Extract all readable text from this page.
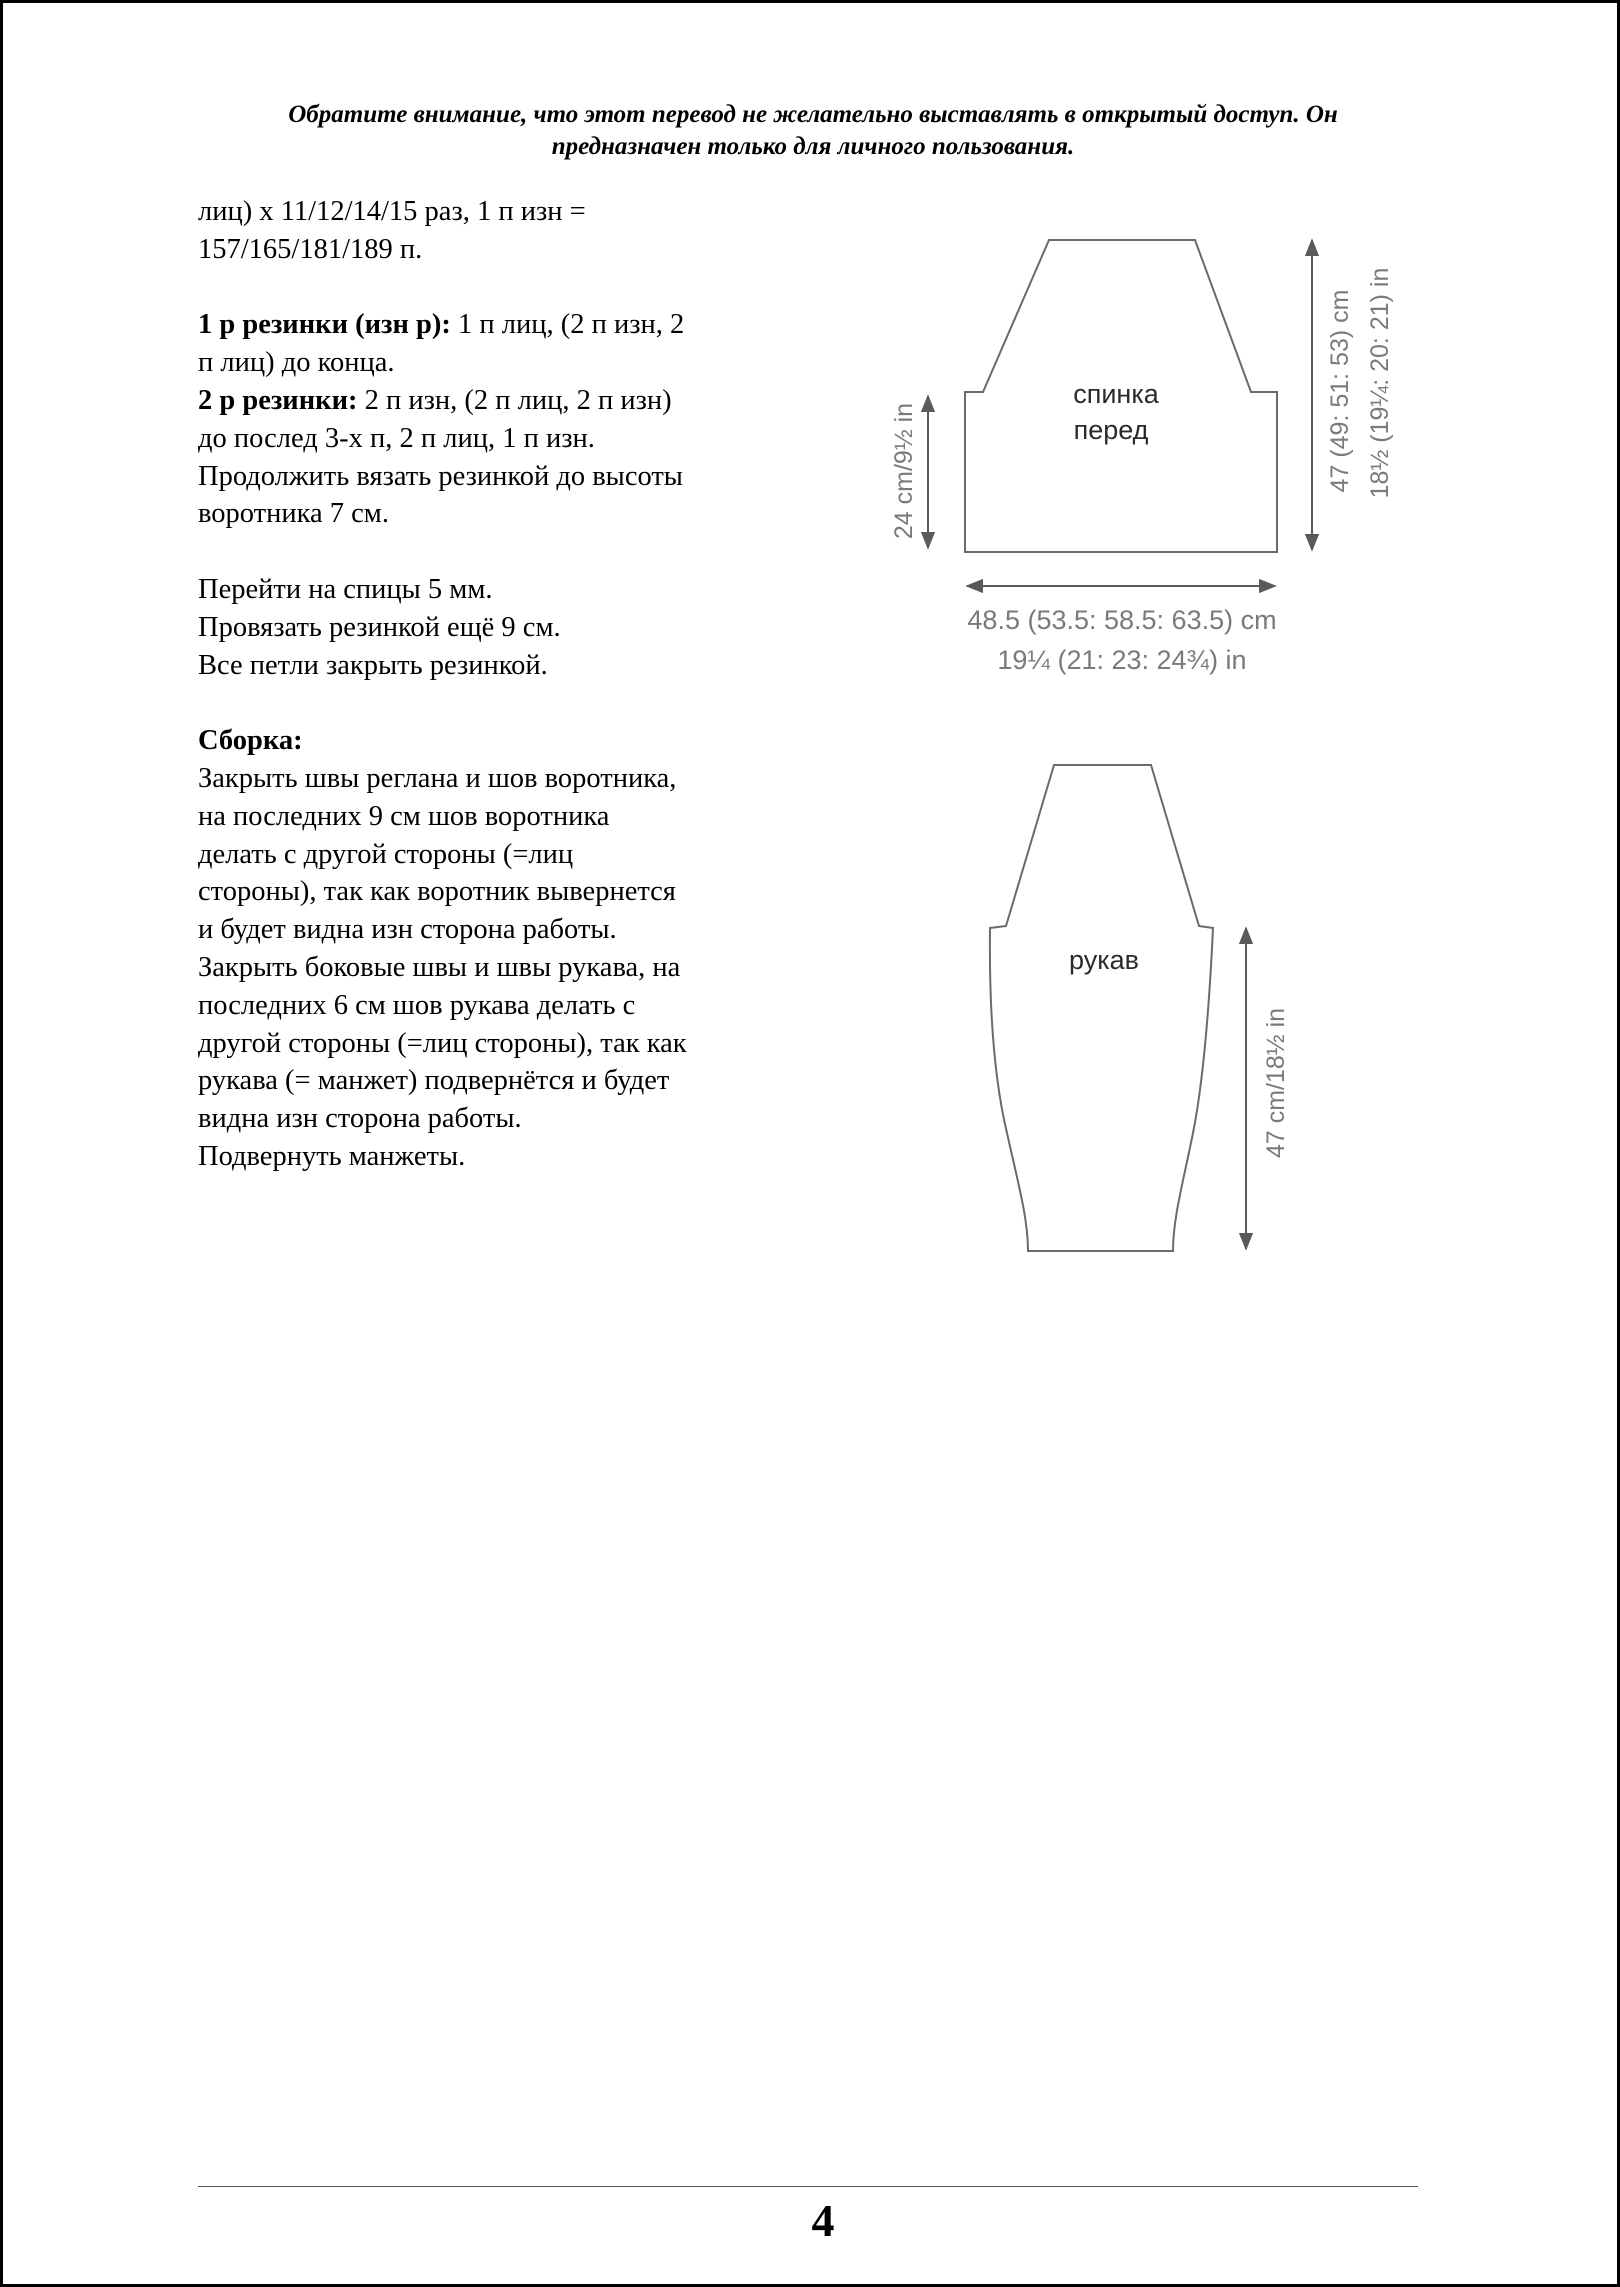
Обратите внимание, что этот перевод не желательно выставлять в открытый доступ. Он
предназначен только для личного пользования.

лиц) х 11/12/14/15 раз, 1 п изн =
157/165/181/189 п.

1 р резинки (изн р): 1 п лиц, (2 п изн, 2
п лиц) до конца.
2 р резинки: 2 п изн, (2 п лиц, 2 п изн)
до послед 3-х п, 2 п лиц, 1 п изн.
Продолжить вязать резинкой до высоты
воротника 7 см.

Перейти на спицы 5 мм.
Провязать резинкой ещё 9 см.
Все петли закрыть резинкой.

Сборка:
Закрыть швы реглана и шов воротника,
на последних 9 см шов воротника
делать с другой стороны (=лиц
стороны), так как воротник вывернется
и будет видна изн сторона работы.
Закрыть боковые швы и швы рукава, на
последних 6 см шов рукава делать с
другой стороны (=лиц стороны), так как
рукава (= манжет) подвернётся и будет
видна изн сторона работы.
Подвернуть манжеты.

спинка
перед
24 cm/9½ in	47 (49: 51: 53) cm 18½ (19¼: 20: 21) in
48.5 (53.5: 58.5: 63.5) cm
19¼ (21: 23: 24¾) in
рукав
47 cm/18½ in
4
